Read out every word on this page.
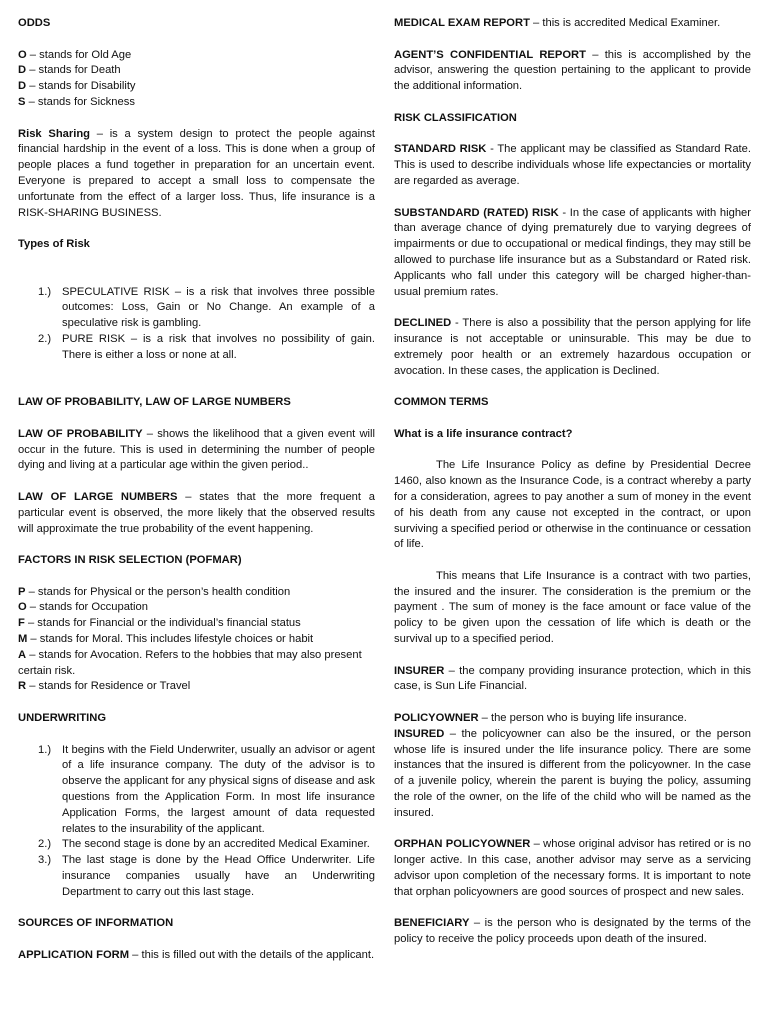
ODDS
O – stands for Old Age
D – stands for Death
D – stands for Disability
S – stands for Sickness

Risk Sharing – is a system design to protect the people against financial hardship in the event of a loss. This is done when a group of people places a fund together in preparation for an uncertain event. Everyone is prepared to accept a small loss to compensate the unfortunate from the effect of a larger loss. Thus, life insurance is a RISK-SHARING BUSINESS.

Types of Risk
1.) SPECULATIVE RISK – is a risk that involves three possible outcomes: Loss, Gain or No Change. An example of a speculative risk is gambling.
2.) PURE RISK – is a risk that involves no possibility of gain. There is either a loss or none at all.
LAW OF PROBABILITY, LAW OF LARGE NUMBERS

LAW OF PROBABILITY – shows the likelihood that a given event will occur in the future. This is used in determining the number of people dying and living at a particular age within the given period..

LAW OF LARGE NUMBERS – states that the more frequent a particular event is observed, the more likely that the observed results will approximate the true probability of the event happening.

FACTORS IN RISK SELECTION (POFMAR)
P – stands for Physical or the person’s health condition
O – stands for Occupation
F – stands for Financial or the individual’s financial status
M – stands for Moral. This includes lifestyle choices or habit
A – stands for Avocation. Refers to the hobbies that may also present certain risk.
R – stands for Residence or Travel
UNDERWRITING
1.) It begins with the Field Underwriter, usually an advisor or agent of a life insurance company. The duty of the advisor is to observe the applicant for any physical signs of disease and ask questions from the Application Form. In most life insurance Application Forms, the largest amount of data requested relates to the insurability of the applicant.
2.) The second stage is done by an accredited Medical Examiner.
3.) The last stage is done by the Head Office Underwriter. Life insurance companies usually have an Underwriting Department to carry out this last stage.
SOURCES OF INFORMATION

APPLICATION FORM – this is filled out with the details of the applicant.

MEDICAL EXAM REPORT – this is accredited Medical Examiner.

AGENT’S CONFIDENTIAL REPORT – this is accomplished by the advisor, answering the question pertaining to the applicant to provide the additional information.

RISK CLASSIFICATION

STANDARD RISK - The applicant may be classified as Standard Rate. This is used to describe individuals whose life expectancies or mortality are regarded as average.

SUBSTANDARD (RATED) RISK - In the case of applicants with higher than average chance of dying prematurely due to varying degrees of impairments or due to occupational or medical findings, they may still be allowed to purchase life insurance but as a Substandard or Rated risk. Applicants who fall under this category will be charged higher-than-usual premium rates.

DECLINED - There is also a possibility that the person applying for life insurance is not acceptable or uninsurable. This may be due to extremely poor health or an extremely hazardous occupation or avocation. In these cases, the application is Declined.

COMMON TERMS
What is a life insurance contract?

The Life Insurance Policy as define by Presidential Decree 1460, also known as the Insurance Code, is a contract whereby a party for a consideration, agrees to pay another a sum of money in the event of his death from any cause not excepted in the contract, or upon surviving a specified period or otherwise in the continuance or cessation of life.

This means that Life Insurance is a contract with two parties, the insured and the insurer. The consideration is the premium or the payment . The sum of money is the face amount or face value of the policy to be given upon the cessation of life which is death or the survival up to a specified period.

INSURER – the company providing insurance protection, which in this case, is Sun Life Financial.

POLICYOWNER – the person who is buying life insurance.

INSURED – the policyowner can also be the insured, or the person whose life is insured under the life insurance policy. There are some instances that the insured is different from the policyowner. In the case of a juvenile policy, wherein the parent is buying the policy, assuming the role of the owner, on the life of the child who will be named as the insured.

ORPHAN POLICYOWNER – whose original advisor has retired or is no longer active. In this case, another advisor may serve as a servicing advisor upon completion of the necessary forms. It is important to note that orphan policyowners are good sources of prospect and new sales.

BENEFICIARY – is the person who is designated by the terms of the policy to receive the policy proceeds upon death of the insured.
